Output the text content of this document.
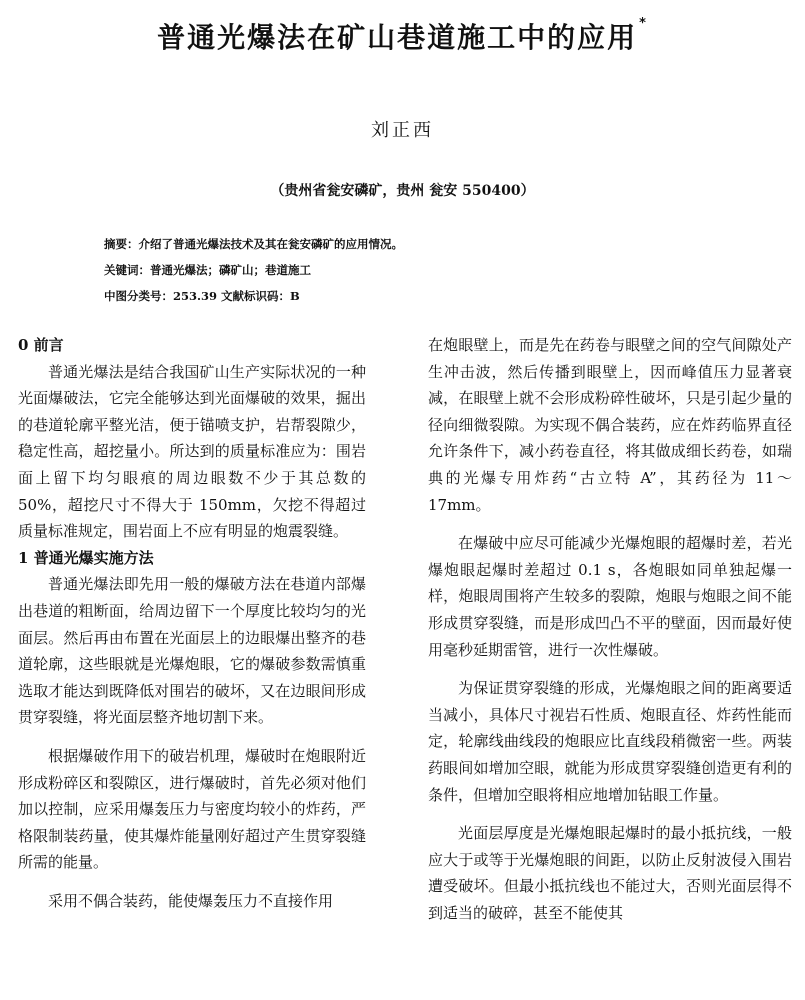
普通光爆法在矿山巷道施工中的应用 *
刘正西
（贵州省瓮安磷矿，贵州 瓮安 550400）
摘要：介绍了普通光爆法技术及其在瓮安磷矿的应用情况。
关键词：普通光爆法；磷矿山；巷道施工
中图分类号：253.39 文献标识码：B
0 前言

普通光爆法是结合我国矿山生产实际状况的一种光面爆破法，它完全能够达到光面爆破的效果，掘出的巷道轮廓平整光洁，便于锚喷支护，岩帮裂隙少，稳定性高，超挖量小。所达到的质量标准应为：围岩面上留下均匀眼痕的周边眼数不少于其总数的 50%，超挖尺寸不得大于 150mm，欠挖不得超过质量标准规定，围岩面上不应有明显的炮震裂缝。

1 普通光爆实施方法

普通光爆法即先用一般的爆破方法在巷道内部爆出巷道的粗断面，给周边留下一个厚度比较均匀的光面层。然后再由布置在光面层上的边眼爆出整齐的巷道轮廓，这些眼就是光爆炮眼，它的爆破参数需慎重选取才能达到既降低对围岩的破坏，又在边眼间形成贯穿裂缝，将光面层整齐地切割下来。

根据爆破作用下的破岩机理，爆破时在炮眼附近形成粉碎区和裂隙区，进行爆破时，首先必须对他们加以控制，应采用爆轰压力与密度均较小的炸药，严格限制装药量，使其爆炸能量刚好超过产生贯穿裂缝所需的能量。

采用不偶合装药，能使爆轰压力不直接作用

在炮眼壁上，而是先在药卷与眼壁之间的空气间隙处产生冲击波，然后传播到眼壁上，因而峰值压力显著衰减，在眼壁上就不会形成粉碎性破坏，只是引起少量的径向细微裂隙。为实现不偶合装药，应在炸药临界直径允许条件下，减小药卷直径，将其做成细长药卷，如瑞典的光爆专用炸药“古立特 A”，其药径为 11～17mm。

在爆破中应尽可能减少光爆炮眼的超爆时差，若光爆炮眼起爆时差超过 0.1 s，各炮眼如同单独起爆一样，炮眼周围将产生较多的裂隙，炮眼与炮眼之间不能形成贯穿裂缝，而是形成凹凸不平的壁面，因而最好使用毫秒延期雷管，进行一次性爆破。

为保证贯穿裂缝的形成，光爆炮眼之间的距离要适当减小，具体尺寸视岩石性质、炮眼直径、炸药性能而定，轮廓线曲线段的炮眼应比直线段稍微密一些。两装药眼间如增加空眼，就能为形成贯穿裂缝创造更有利的条件，但增加空眼将相应地增加钻眼工作量。

光面层厚度是光爆炮眼起爆时的最小抵抗线，一般应大于或等于光爆炮眼的间距，以防止反射波侵入围岩遭受破坏。但最小抵抗线也不能过大，否则光面层得不到适当的破碎，甚至不能使其
